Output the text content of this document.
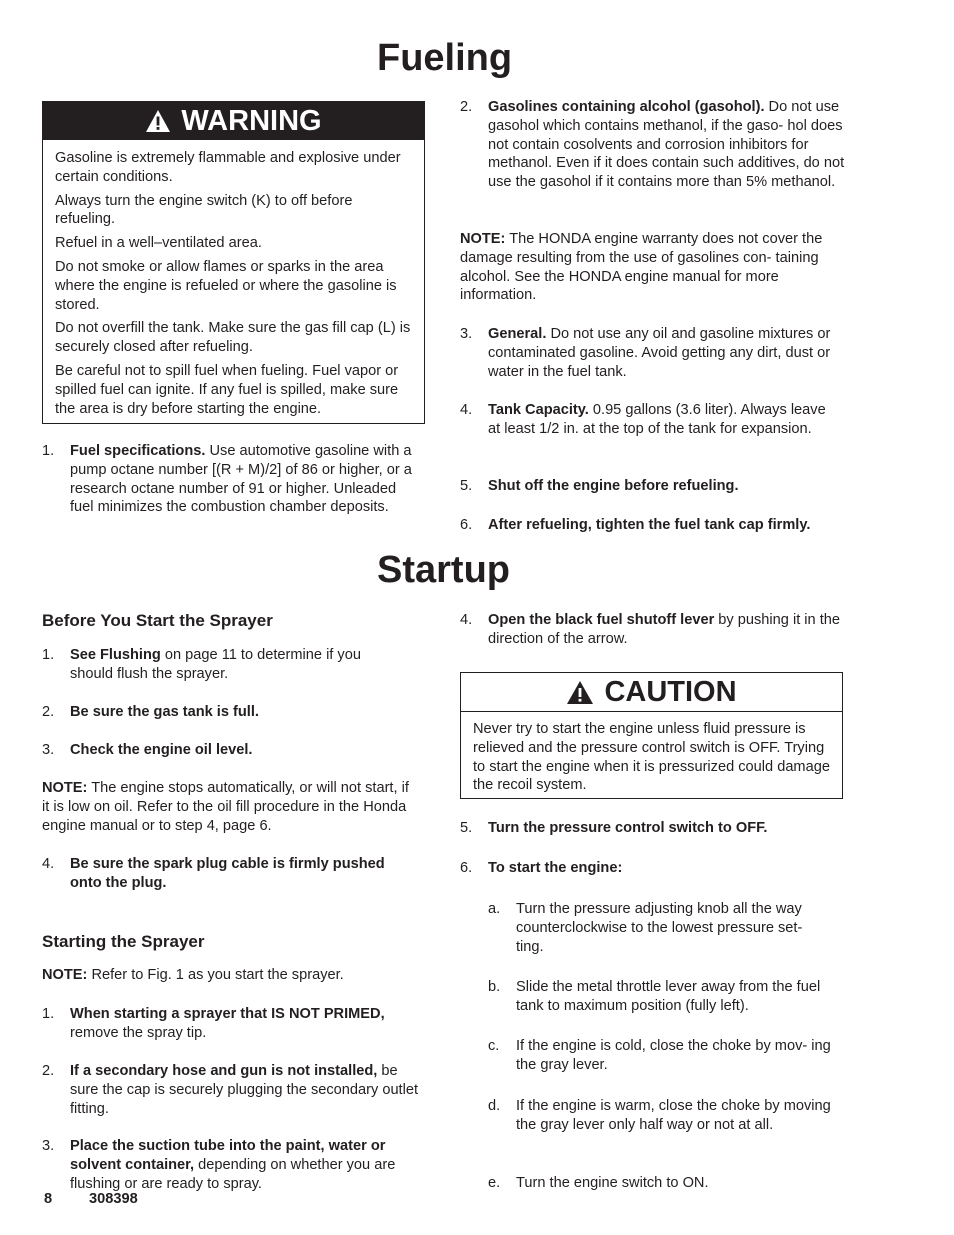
Fueling
WARNING

Gasoline is extremely flammable and explosive under certain conditions.

Always turn the engine switch (K) to off before refueling.

Refuel in a well–ventilated area.

Do not smoke or allow flames or sparks in the area where the engine is refueled or where the gasoline is stored.

Do not overfill the tank. Make sure the gas fill cap (L) is securely closed after refueling.

Be careful not to spill fuel when fueling. Fuel vapor or spilled fuel can ignite. If any fuel is spilled, make sure the area is dry before starting the engine.

1. Fuel specifications. Use automotive gasoline with a pump octane number [(R + M)/2] of 86 or higher, or a research octane number of 91 or higher. Unleaded fuel minimizes the combustion chamber deposits.

2. Gasolines containing alcohol (gasohol). Do not use gasohol which contains methanol, if the gaso- hol does not contain cosolvents and corrosion inhibitors for methanol. Even if it does contain such additives, do not use the gasohol if it contains more than 5% methanol.

NOTE: The HONDA engine warranty does not cover the damage resulting from the use of gasolines con- taining alcohol. See the HONDA engine manual for more information.

3. General. Do not use any oil and gasoline mixtures or contaminated gasoline. Avoid getting any dirt, dust or water in the fuel tank.

4. Tank Capacity. 0.95 gallons (3.6 liter). Always leave at least 1/2 in. at the top of the tank for expansion.

5. Shut off the engine before refueling.

6. After refueling, tighten the fuel tank cap firmly.

Startup
Before You Start the Sprayer
1. See Flushing on page 11 to determine if you should flush the sprayer.

2. Be sure the gas tank is full.

3. Check the engine oil level.

NOTE: The engine stops automatically, or will not start, if it is low on oil. Refer to the oil fill procedure in the Honda engine manual or to step 4, page 6.

4. Be sure the spark plug cable is firmly pushed onto the plug.

Starting the Sprayer

NOTE: Refer to Fig. 1 as you start the sprayer.

1. When starting a sprayer that IS NOT PRIMED, remove the spray tip.

2. If a secondary hose and gun is not installed, be sure the cap is securely plugging the secondary outlet fitting.

3. Place the suction tube into the paint, water or solvent container, depending on whether you are flushing or are ready to spray.

4. Open the black fuel shutoff lever by pushing it in the direction of the arrow.

CAUTION

Never try to start the engine unless fluid pressure is relieved and the pressure control switch is OFF. Trying to start the engine when it is pressurized could damage the recoil system.

5. Turn the pressure control switch to OFF.

6. To start the engine:

a. Turn the pressure adjusting knob all the way counterclockwise to the lowest pressure set- ting.

b. Slide the metal throttle lever away from the fuel tank to maximum position (fully left).

c. If the engine is cold, close the choke by mov- ing the gray lever.

d. If the engine is warm, close the choke by moving the gray lever only half way or not at all.

e. Turn the engine switch to ON.

8	308398
